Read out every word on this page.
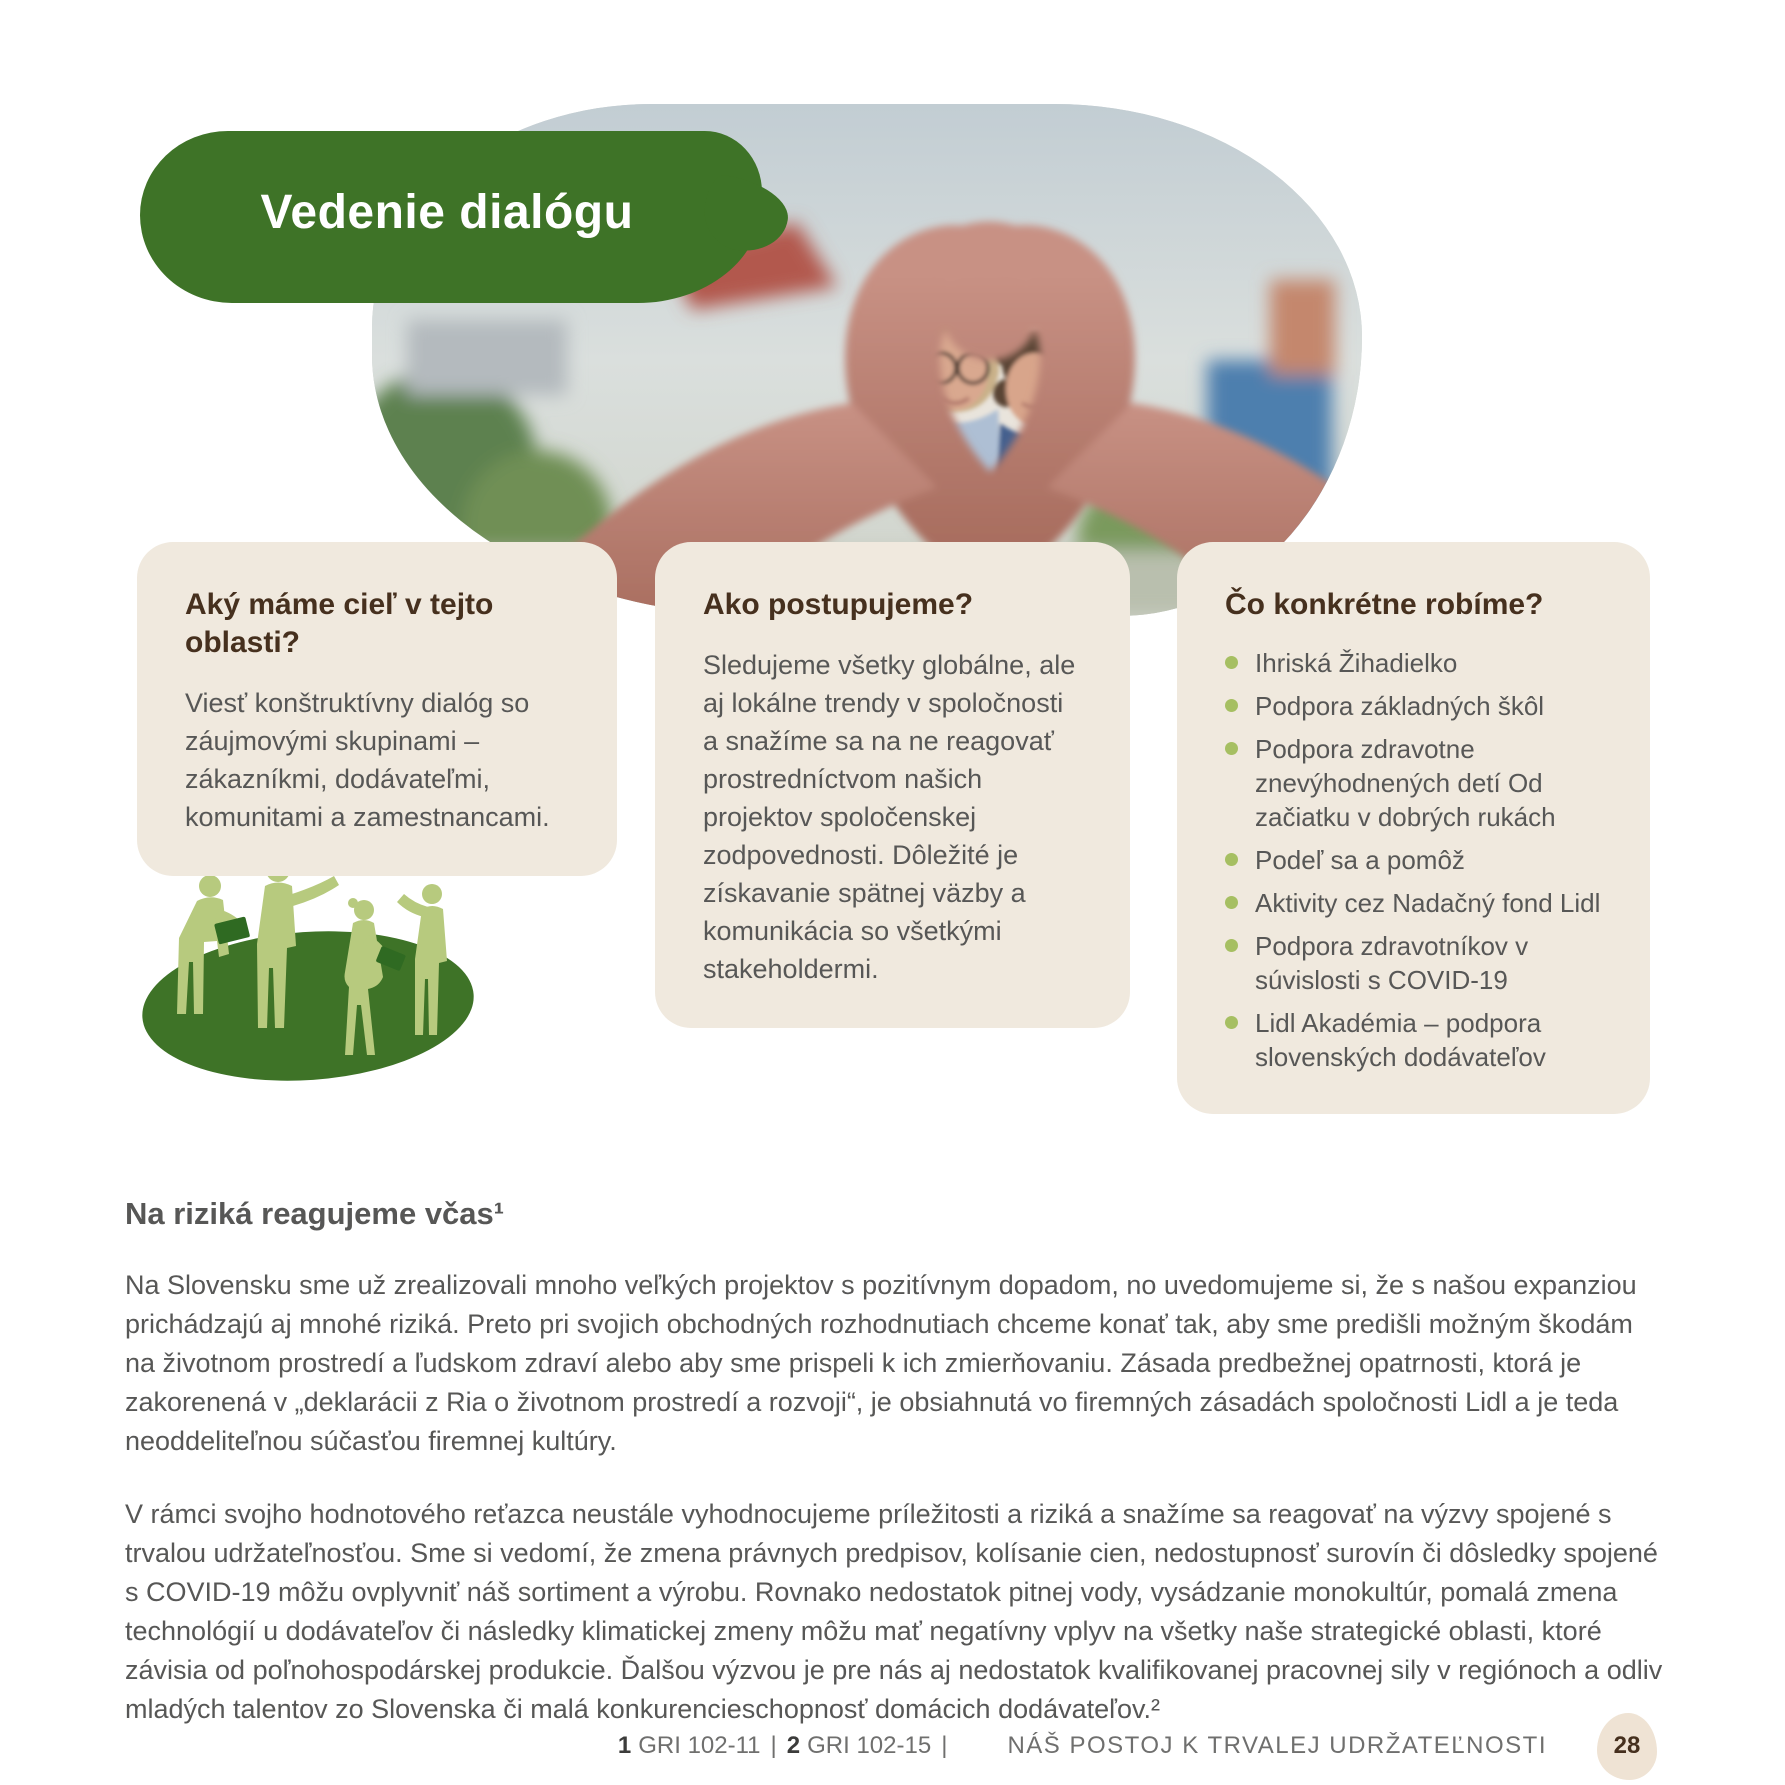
Vedenie dialógu
Aký máme cieľ v tejto oblasti?

Viesť konštruktívny dialóg so záujmovými skupinami – zákazníkmi, dodávateľmi, komunitami a zamestnancami.

Ako postupujeme?

Sledujeme všetky globálne, ale aj lokálne trendy v spoločnosti a snažíme sa na ne reagovať prostredníctvom našich projektov spoločenskej zodpovednosti. Dôležité je získavanie spätnej väzby a komunikácia so všetkými stakeholdermi.

Čo konkrétne robíme?
Ihriská Žihadielko
Podpora základných škôl
Podpora zdravotne znevýhodnených detí Od začiatku v dobrých rukách
Podeľ sa a pomôž
Aktivity cez Nadačný fond Lidl
Podpora zdravotníkov v súvislosti s COVID-19
Lidl Akadémia – podpora slovenských dodávateľov
Na riziká reagujeme včas¹

Na Slovensku sme už zrealizovali mnoho veľkých projektov s pozitívnym dopadom, no uvedomujeme si, že s našou expanziou prichádzajú aj mnohé riziká. Preto pri svojich obchodných rozhodnutiach chceme konať tak, aby sme predišli možným škodám na životnom prostredí a ľudskom zdraví alebo aby sme prispeli k ich zmierňovaniu. Zásada predbežnej opatrnosti, ktorá je zakorenená v „deklarácii z Ria o životnom prostredí a rozvoji“, je obsiahnutá vo firemných zásadách spoločnosti Lidl a je teda neoddeliteľnou súčasťou firemnej kultúry.

V rámci svojho hodnotového reťazca neustále vyhodnocujeme príležitosti a riziká a snažíme sa reagovať na výzvy spojené s trvalou udržateľnosťou. Sme si vedomí, že zmena právnych predpisov, kolísanie cien, nedostupnosť surovín či dôsledky spojené s COVID-19 môžu ovplyvniť náš sortiment a výrobu. Rovnako nedostatok pitnej vody, vysádzanie monokultúr, pomalá zmena technológií u dodávateľov či následky klimatickej zmeny môžu mať negatívny vplyv na všetky naše strategické oblasti, ktoré závisia od poľnohospodárskej produkcie. Ďalšou výzvou je pre nás aj nedostatok kvalifikovanej pracovnej sily v regiónoch a odliv mladých talentov zo Slovenska či malá konkurencieschopnosť domácich dodávateľov.²

1 GRI 102-11 | 2 GRI 102-15 |	NÁŠ POSTOJ K TRVALEJ UDRŽATEĽNOSTI	28
